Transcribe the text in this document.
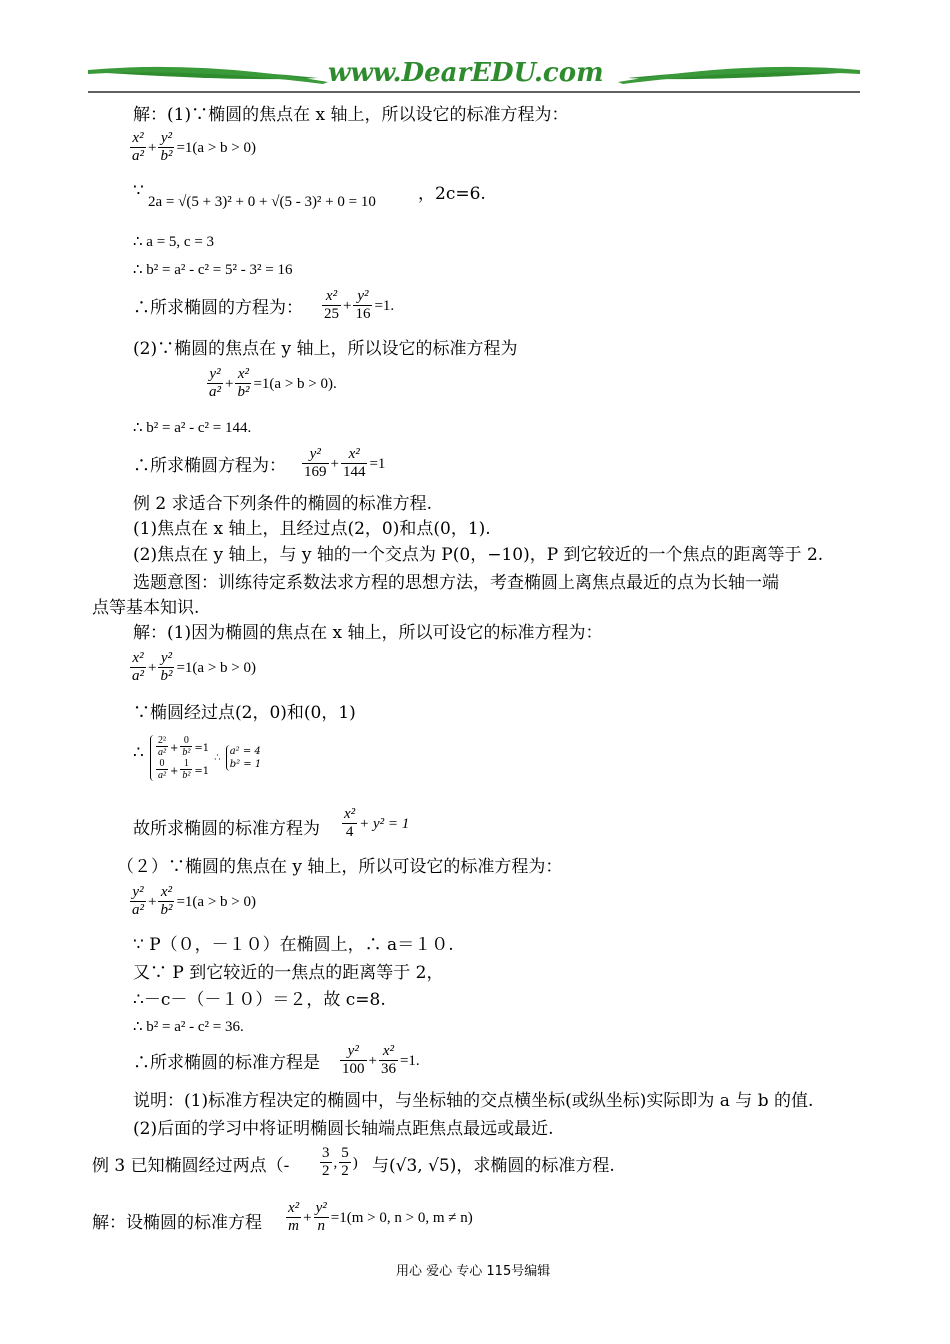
www.DearEDU.com
解：(1)∵椭圆的焦点在 x 轴上，所以设它的标准方程为：
$\frac{\text{x²}}{\text{a²}} + \frac{\text{y²}}{\text{b²}} =1(a > b > 0)$
∵
2a = √(5 + 3)² + 0 + √(5 - 3)² + 0 = 10 ，2c=6.
∴ a = 5, c = 3
∴ b² = a² - c² = 5² - 3² = 16
∴所求椭圆的方程为： $\frac{\text{x²}}{25} + \frac{\text{y²}}{16} =1$.
(2)∵椭圆的焦点在 y 轴上，所以设它的标准方程为
$\frac{\text{y²}}{\text{a²}} + \frac{\text{x²}}{\text{b²}} =1(a > b > 0)$.
∴ b² = a² - c² = 144.
∴所求椭圆方程为： $\frac{\text{y²}}{169} + \frac{\text{x²}}{144} =1$
例 2 求适合下列条件的椭圆的标准方程.
(1)焦点在 x 轴上，且经过点(2，0)和点(0，1).
(2)焦点在 y 轴上，与 y 轴的一个交点为 P(0，−10)，P 到它较近的一个焦点的距离等于 2.
选题意图：训练待定系数法求方程的思想方法，考查椭圆上离焦点最近的点为长轴一端
点等基本知识.
解：(1)因为椭圆的焦点在 x 轴上，所以可设它的标准方程为：
$\frac{\text{x²}}{\text{a²}} + \frac{\text{y²}}{\text{b²}} =1(a > b > 0)$
∵椭圆经过点(2，0)和(0，1)
∴ $\frac{\text{2²}}{\text{a²}} + \frac{0}{\text{b²}} =1$
$\frac{0}{\text{a²}} + \frac{1}{\text{b²}} =1$
∴
a² = 4
b² = 1
故所求椭圆的标准方程为 $\frac{\text{x²}}{4} + y^2 = 1$
（２）∵椭圆的焦点在 y 轴上，所以可设它的标准方程为：
$\frac{\text{y²}}{\text{a²}} + \frac{\text{x²}}{\text{b²}} =1(a > b > 0)$
∵ P（０，－１０）在椭圆上，∴ a＝１０.
又∵ P 到它较近的一焦点的距离等于 2，
∴－c－（－１０）＝２，故 c=8.
∴ b² = a² - c² = 36.
∴所求椭圆的标准方程是 $\frac{\text{y²}}{100} + \frac{\text{x²}}{36} =1$.
说明：(1)标准方程决定的椭圆中，与坐标轴的交点横坐标(或纵坐标)实际即为 a 与 b 的值.
(2)后面的学习中将证明椭圆长轴端点距焦点最远或最近.
例 3 已知椭圆经过两点（- $\frac{3}{2}$ , $\frac{5}{2}$ ) 与(√3, √5)，求椭圆的标准方程.
解：设椭圆的标准方程 $\frac{\text{x²}}{m} + \frac{\text{y²}}{n} =1(m > 0$, n > 0, m ≠ n)
用心 爱心 专心 115号编辑
